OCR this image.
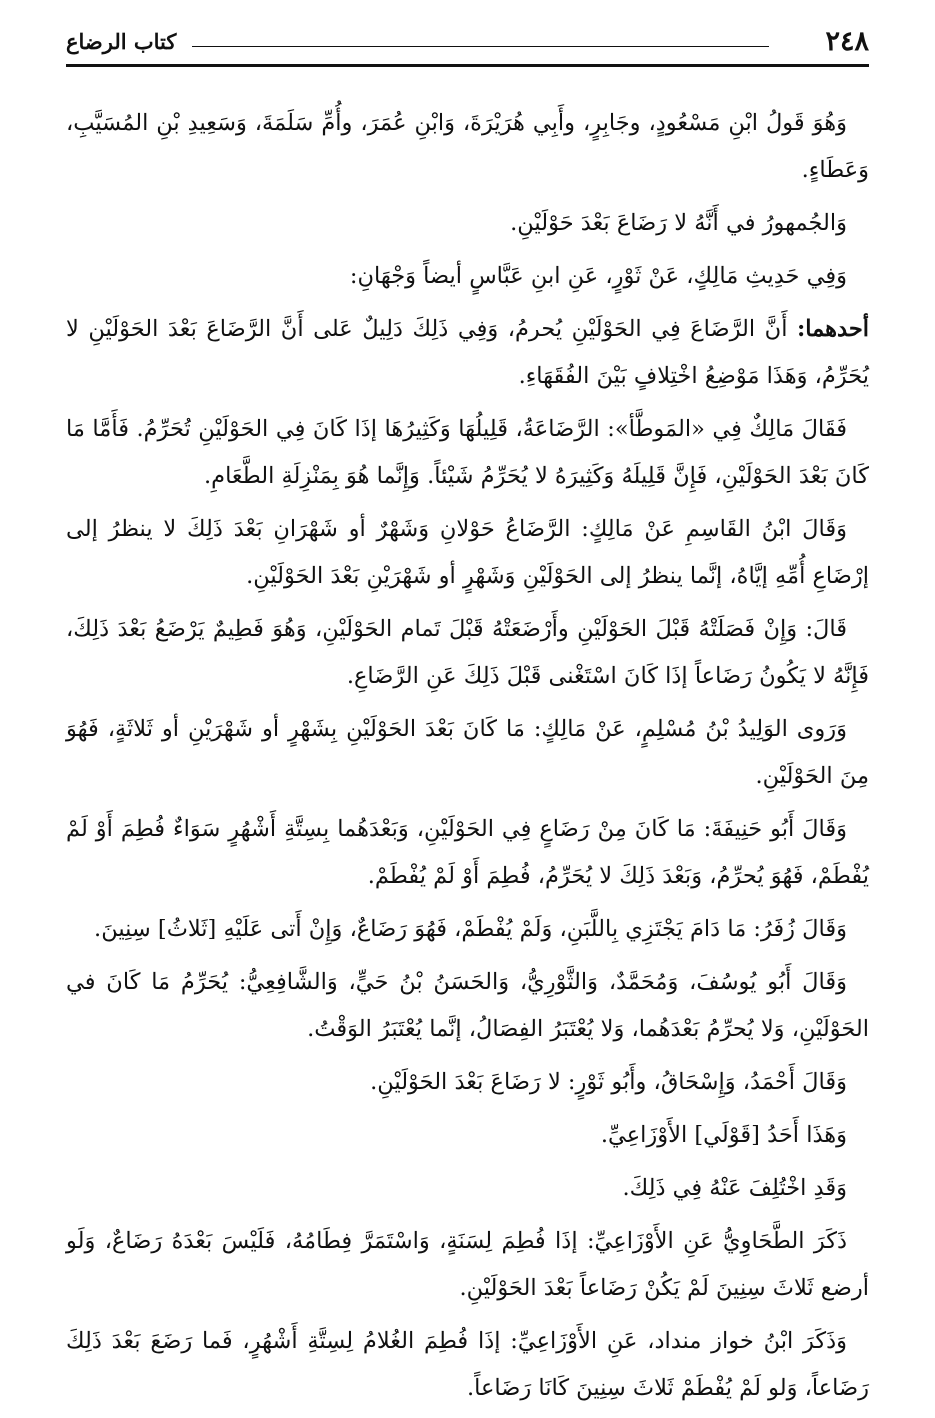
٢٤٨
كتاب الرضاع

وَهُوَ قَولُ ابْنِ مَسْعُودٍ، وجَابِرٍ، وأَبِي هُرَيْرَةَ، وَابْنِ عُمَرَ، وأُمِّ سَلَمَةَ، وَسَعِيدِ بْنِ المُسَيَّبِ، وَعَطَاءٍ.

وَالجُمهورُ في أَنَّهُ لا رَضَاعَ بَعْدَ حَوْلَيْنِ.

وَفِي حَدِيثِ مَالِكٍ، عَنْ ثَوْرٍ، عَنِ ابنِ عَبَّاسٍ أيضاً وَجْهَانِ:

أحدهما: أَنَّ الرَّضَاعَ فِي الحَوْلَيْنِ يُحرمُ، وَفِي ذَلِكَ دَلِيلٌ عَلى أَنَّ الرَّضَاعَ بَعْدَ الحَوْلَيْنِ لا يُحَرِّمُ، وَهَذَا مَوْضِعُ اخْتِلافٍ بَيْنَ الفُقَهَاءِ.

فَقَالَ مَالِكٌ فِي «المَوطَّأ»: الرَّضَاعَةُ، قَلِيلُهَا وَكَثِيرُهَا إذَا كَانَ فِي الحَوْلَيْنِ تُحَرِّمُ. فَأَمَّا مَا كَانَ بَعْدَ الحَوْلَيْنِ، فَإِنَّ قَلِيلَهُ وَكَثِيرَهُ لا يُحَرِّمُ شَيْئاً. وَإِنَّما هُوَ بِمَنْزِلَةِ الطَّعَامِ.

وَقَالَ ابْنُ القَاسِمِ عَنْ مَالِكٍ: الرَّضَاعُ حَوْلانِ وَشَهْرٌ أو شَهْرَانِ بَعْدَ ذَلِكَ لا ينظرُ إلى إرْضَاعِ أُمِّهِ إيَّاهُ، إنَّما ينظرُ إلى الحَوْلَيْنِ وَشَهْرٍ أو شَهْرَيْنِ بَعْدَ الحَوْلَيْنِ.

قَالَ: وَإِنْ فَصَلَتْهُ قَبْلَ الحَوْلَيْنِ وأَرْضَعَتْهُ قَبْلَ تَمام الحَوْلَيْنِ، وَهُوَ فَطِيمٌ يَرْضَعُ بَعْدَ ذَلِكَ، فَإِنَّهُ لا يَكُونُ رَضَاعاً إذَا كَانَ اسْتَغْنى قَبْلَ ذَلِكَ عَنِ الرَّضَاعِ.

وَرَوى الوَلِيدُ بْنُ مُسْلِمٍ، عَنْ مَالِكٍ: مَا كَانَ بَعْدَ الحَوْلَيْنِ بِشَهْرٍ أو شَهْرَيْنِ أو ثَلاثَةٍ، فَهُوَ مِنَ الحَوْلَيْنِ.

وَقَالَ أَبُو حَنِيفَةَ: مَا كَانَ مِنْ رَضَاعٍ فِي الحَوْلَيْنِ، وَبَعْدَهُما بِسِتَّةِ أَشْهُرٍ سَوَاءٌ فُطِمَ أَوْ لَمْ يُفْطَمْ، فَهُوَ يُحرِّمُ، وَبَعْدَ ذَلِكَ لا يُحَرِّمُ، فُطِمَ أَوْ لَمْ يُفْطَمْ.

وَقَالَ زُفَرُ: مَا دَامَ يَجْتَزِي بِاللَّبَنِ، وَلَمْ يُفْطَمْ، فَهُوَ رَضَاعٌ، وَإِنْ أَتى عَلَيْهِ [ثَلاثُ] سِنِينَ.

وَقَالَ أَبُو يُوسُفَ، وَمُحَمَّدٌ، وَالثَّوْرِيُّ، وَالحَسَنُ بْنُ حَيٍّ، وَالشَّافِعِيُّ: يُحَرِّمُ مَا كَانَ في الحَوْلَيْنِ، وَلا يُحرِّمُ بَعْدَهُما، وَلا يُعْتَبَرُ الفِصَالُ، إنَّما يُعْتَبَرُ الوَقْتُ.

وَقَالَ أَحْمَدُ، وَإِسْحَاقُ، وأَبُو ثَوْرٍ: لا رَضَاعَ بَعْدَ الحَوْلَيْنِ.

وَهَذَا أَحَدُ [قَوْلَي] الأَوْزَاعِيِّ.

وَقَدِ اخْتُلِفَ عَنْهُ فِي ذَلِكَ.

ذَكَرَ الطَّحَاوِيُّ عَنِ الأَوْزَاعِيِّ: إذَا فُطِمَ لِسَنَةٍ، وَاسْتَمَرَّ فِطَامُهُ، فَلَيْسَ بَعْدَهُ رَضَاعٌ، وَلَو أرضع ثَلاثَ سِنِينَ لَمْ يَكُنْ رَضَاعاً بَعْدَ الحَوْلَيْنِ.

وَذَكَرَ ابْنُ خواز منداد، عَنِ الأَوْزَاعِيِّ: إذَا فُطِمَ الغُلامُ لِسِتَّةِ أَشْهُرٍ، فَما رَضَعَ بَعْدَ ذَلِكَ رَضَاعاً، وَلو لَمْ يُفْطَمْ ثَلاثَ سِنِينَ كَانَا رَضَاعاً.
